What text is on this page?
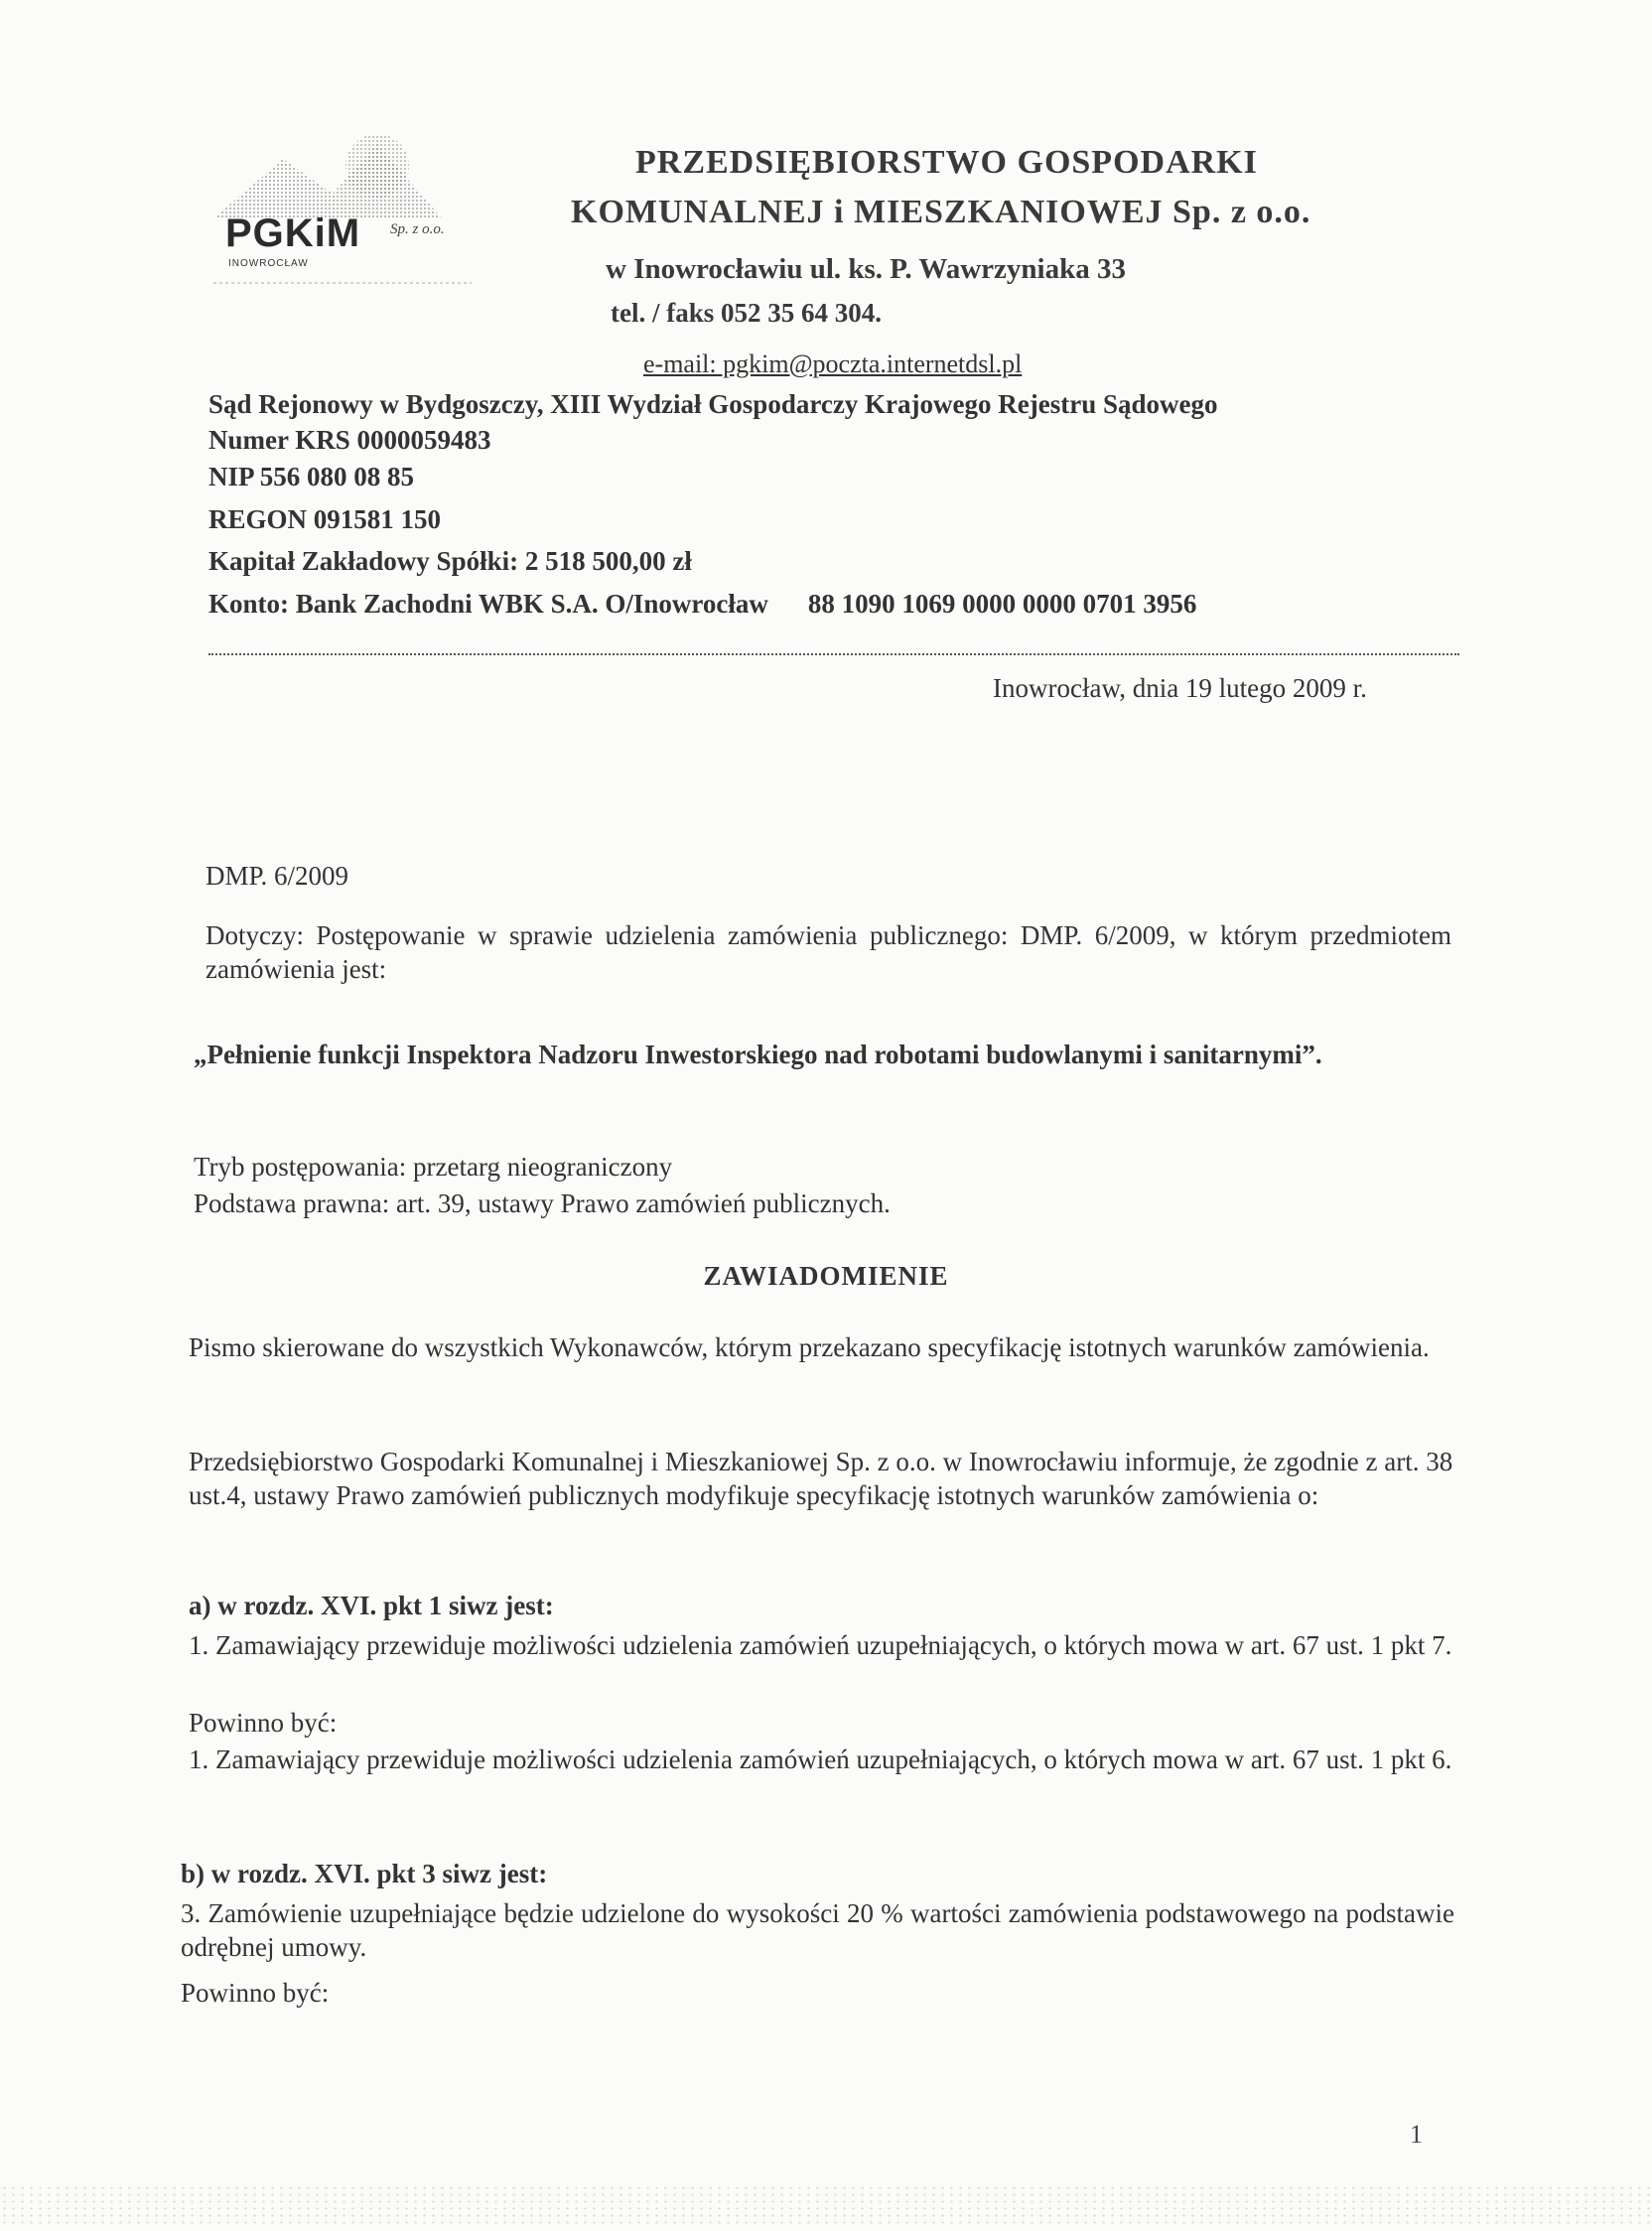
PGKiM Sp. z o.o.
INOWROCŁAW
PRZEDSIĘBIORSTWO GOSPODARKI
KOMUNALNEJ i MIESZKANIOWEJ Sp. z o.o.
w Inowrocławiu ul. ks. P. Wawrzyniaka 33
tel. / faks 052 35 64 304.
e-mail: pgkim@poczta.internetdsl.pl
Sąd Rejonowy w Bydgoszczy, XIII Wydział Gospodarczy Krajowego Rejestru Sądowego
Numer KRS 0000059483
NIP 556 080 08 85
REGON 091581 150
Kapitał Zakładowy Spółki: 2 518 500,00 zł
Konto: Bank Zachodni WBK S.A. O/Inowrocław 88 1090 1069 0000 0000 0701 3956
Inowrocław, dnia 19 lutego 2009 r.
DMP. 6/2009
Dotyczy: Postępowanie w sprawie udzielenia zamówienia publicznego: DMP. 6/2009, w którym przedmiotem zamówienia jest:
„Pełnienie funkcji Inspektora Nadzoru Inwestorskiego nad robotami budowlanymi i sanitarnymi”.
Tryb postępowania: przetarg nieograniczony
Podstawa prawna: art. 39, ustawy Prawo zamówień publicznych.
ZAWIADOMIENIE
Pismo skierowane do wszystkich Wykonawców, którym przekazano specyfikację istotnych warunków zamówienia.
Przedsiębiorstwo Gospodarki Komunalnej i Mieszkaniowej Sp. z o.o. w Inowrocławiu informuje, że zgodnie z art. 38 ust.4, ustawy Prawo zamówień publicznych modyfikuje specyfikację istotnych warunków zamówienia o:
a) w rozdz. XVI. pkt 1 siwz jest:
1. Zamawiający przewiduje możliwości udzielenia zamówień uzupełniających, o których mowa w art. 67 ust. 1 pkt 7.
Powinno być:
1. Zamawiający przewiduje możliwości udzielenia zamówień uzupełniających, o których mowa w art. 67 ust. 1 pkt 6.
b) w rozdz. XVI. pkt 3 siwz jest:
3. Zamówienie uzupełniające będzie udzielone do wysokości 20 % wartości zamówienia podstawowego na podstawie odrębnej umowy.
Powinno być:
1
